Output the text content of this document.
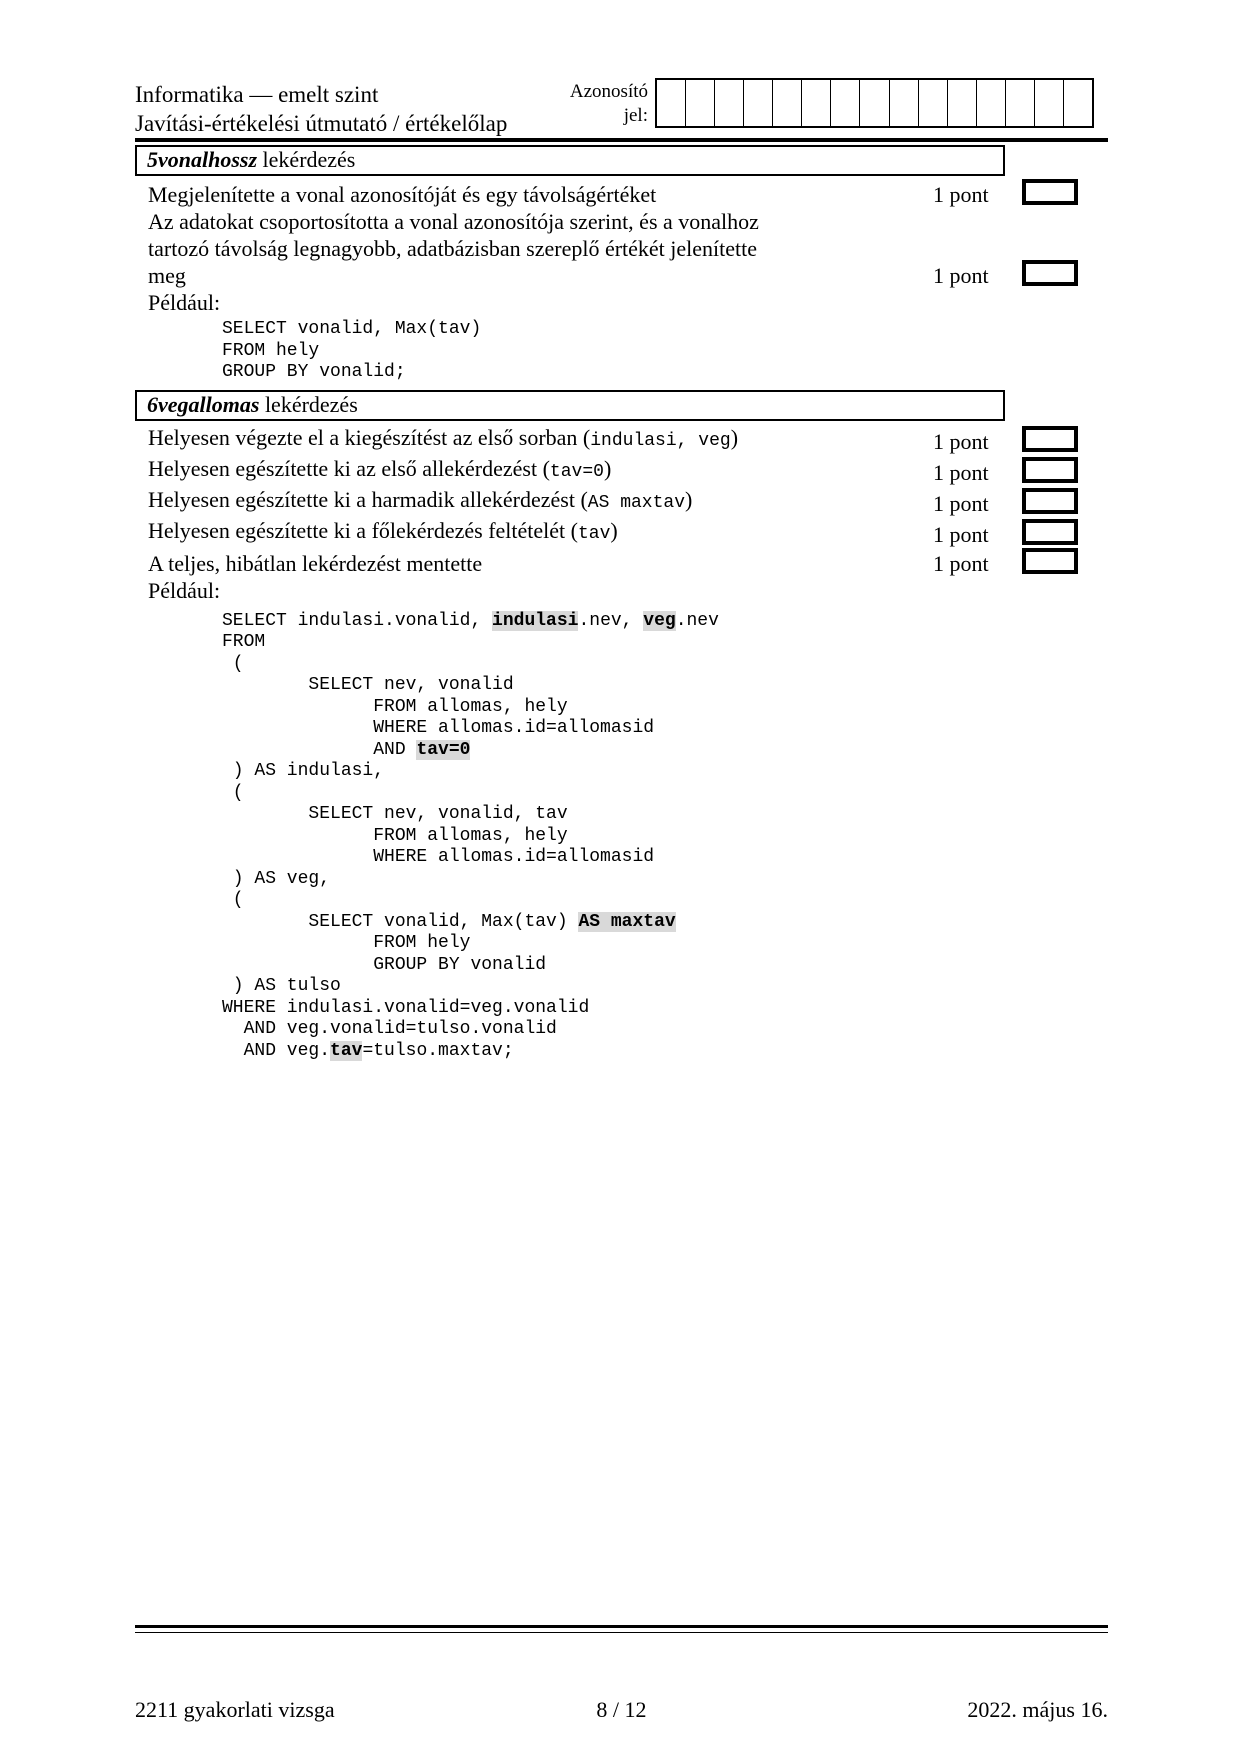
Informatika — emelt szint
Javítási-értékelési útmutató / értékelőlap
Azonosító
jel:
5vonalhossz lekérdezés
Megjelenítette a vonal azonosítóját és egy távolságértéket	1 pont
Az adatokat csoportosította a vonal azonosítója szerint, és a vonalhoz
tartozó távolság legnagyobb, adatbázisban szereplő értékét jelenítette
meg	1 pont
Például:
SELECT vonalid, Max(tav)
FROM hely
GROUP BY vonalid;
6vegallomas lekérdezés
Helyesen végezte el a kiegészítést az első sorban (indulasi, veg)	1 pont
Helyesen egészítette ki az első allekérdezést (tav=0)	1 pont
Helyesen egészítette ki a harmadik allekérdezést (AS maxtav)	1 pont
Helyesen egészítette ki a főlekérdezés feltételét (tav)	1 pont
A teljes, hibátlan lekérdezést mentette	1 pont
Például:
SELECT indulasi.vonalid, indulasi.nev, veg.nev
FROM
(
SELECT nev, vonalid
FROM allomas, hely
WHERE allomas.id=allomasid
AND tav=0
) AS indulasi,
(
SELECT nev, vonalid, tav
FROM allomas, hely
WHERE allomas.id=allomasid
) AS veg,
(
SELECT vonalid, Max(tav) AS maxtav
FROM hely
GROUP BY vonalid
) AS tulso
WHERE indulasi.vonalid=veg.vonalid
AND veg.vonalid=tulso.vonalid
AND veg.tav=tulso.maxtav;
2211 gyakorlati vizsga	8 / 12	2022. május 16.
